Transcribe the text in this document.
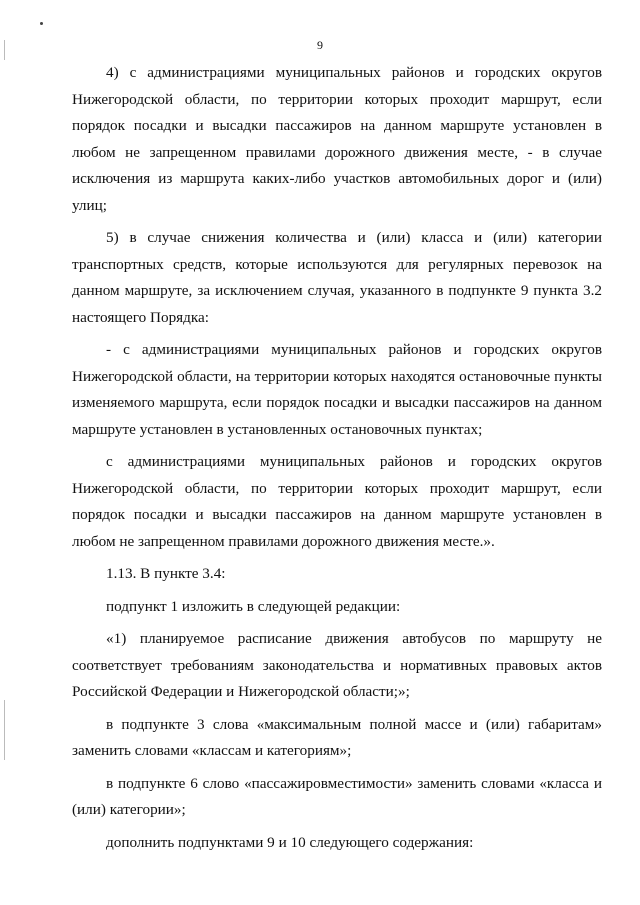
9

4) с администрациями муниципальных районов и городских округов Нижегородской области, по территории которых проходит маршрут, если порядок посадки и высадки пассажиров на данном маршруте установлен в любом не запрещенном правилами дорожного движения месте, - в случае исключения из маршрута каких-либо участков автомобильных дорог и (или) улиц;

5) в случае снижения количества и (или) класса и (или) категории транспортных средств, которые используются для регулярных перевозок на данном маршруте, за исключением случая, указанного в подпункте 9 пункта 3.2 настоящего Порядка:

- с администрациями муниципальных районов и городских округов Нижегородской области, на территории которых находятся остановочные пункты изменяемого маршрута, если порядок посадки и высадки пассажиров на данном маршруте установлен в установленных остановочных пунктах;

с администрациями муниципальных районов и городских округов Нижегородской области, по территории которых проходит маршрут, если порядок посадки и высадки пассажиров на данном маршруте установлен в любом не запрещенном правилами дорожного движения месте.».

1.13. В пункте 3.4:

подпункт 1 изложить в следующей редакции:

«1) планируемое расписание движения автобусов по маршруту не соответствует требованиям законодательства и нормативных правовых актов Российской Федерации и Нижегородской области;»;

в подпункте 3 слова «максимальным полной массе и (или) габаритам» заменить словами «классам и категориям»;

в подпункте 6 слово «пассажировместимости» заменить словами «класса и (или) категории»;

дополнить подпунктами 9 и 10 следующего содержания:
